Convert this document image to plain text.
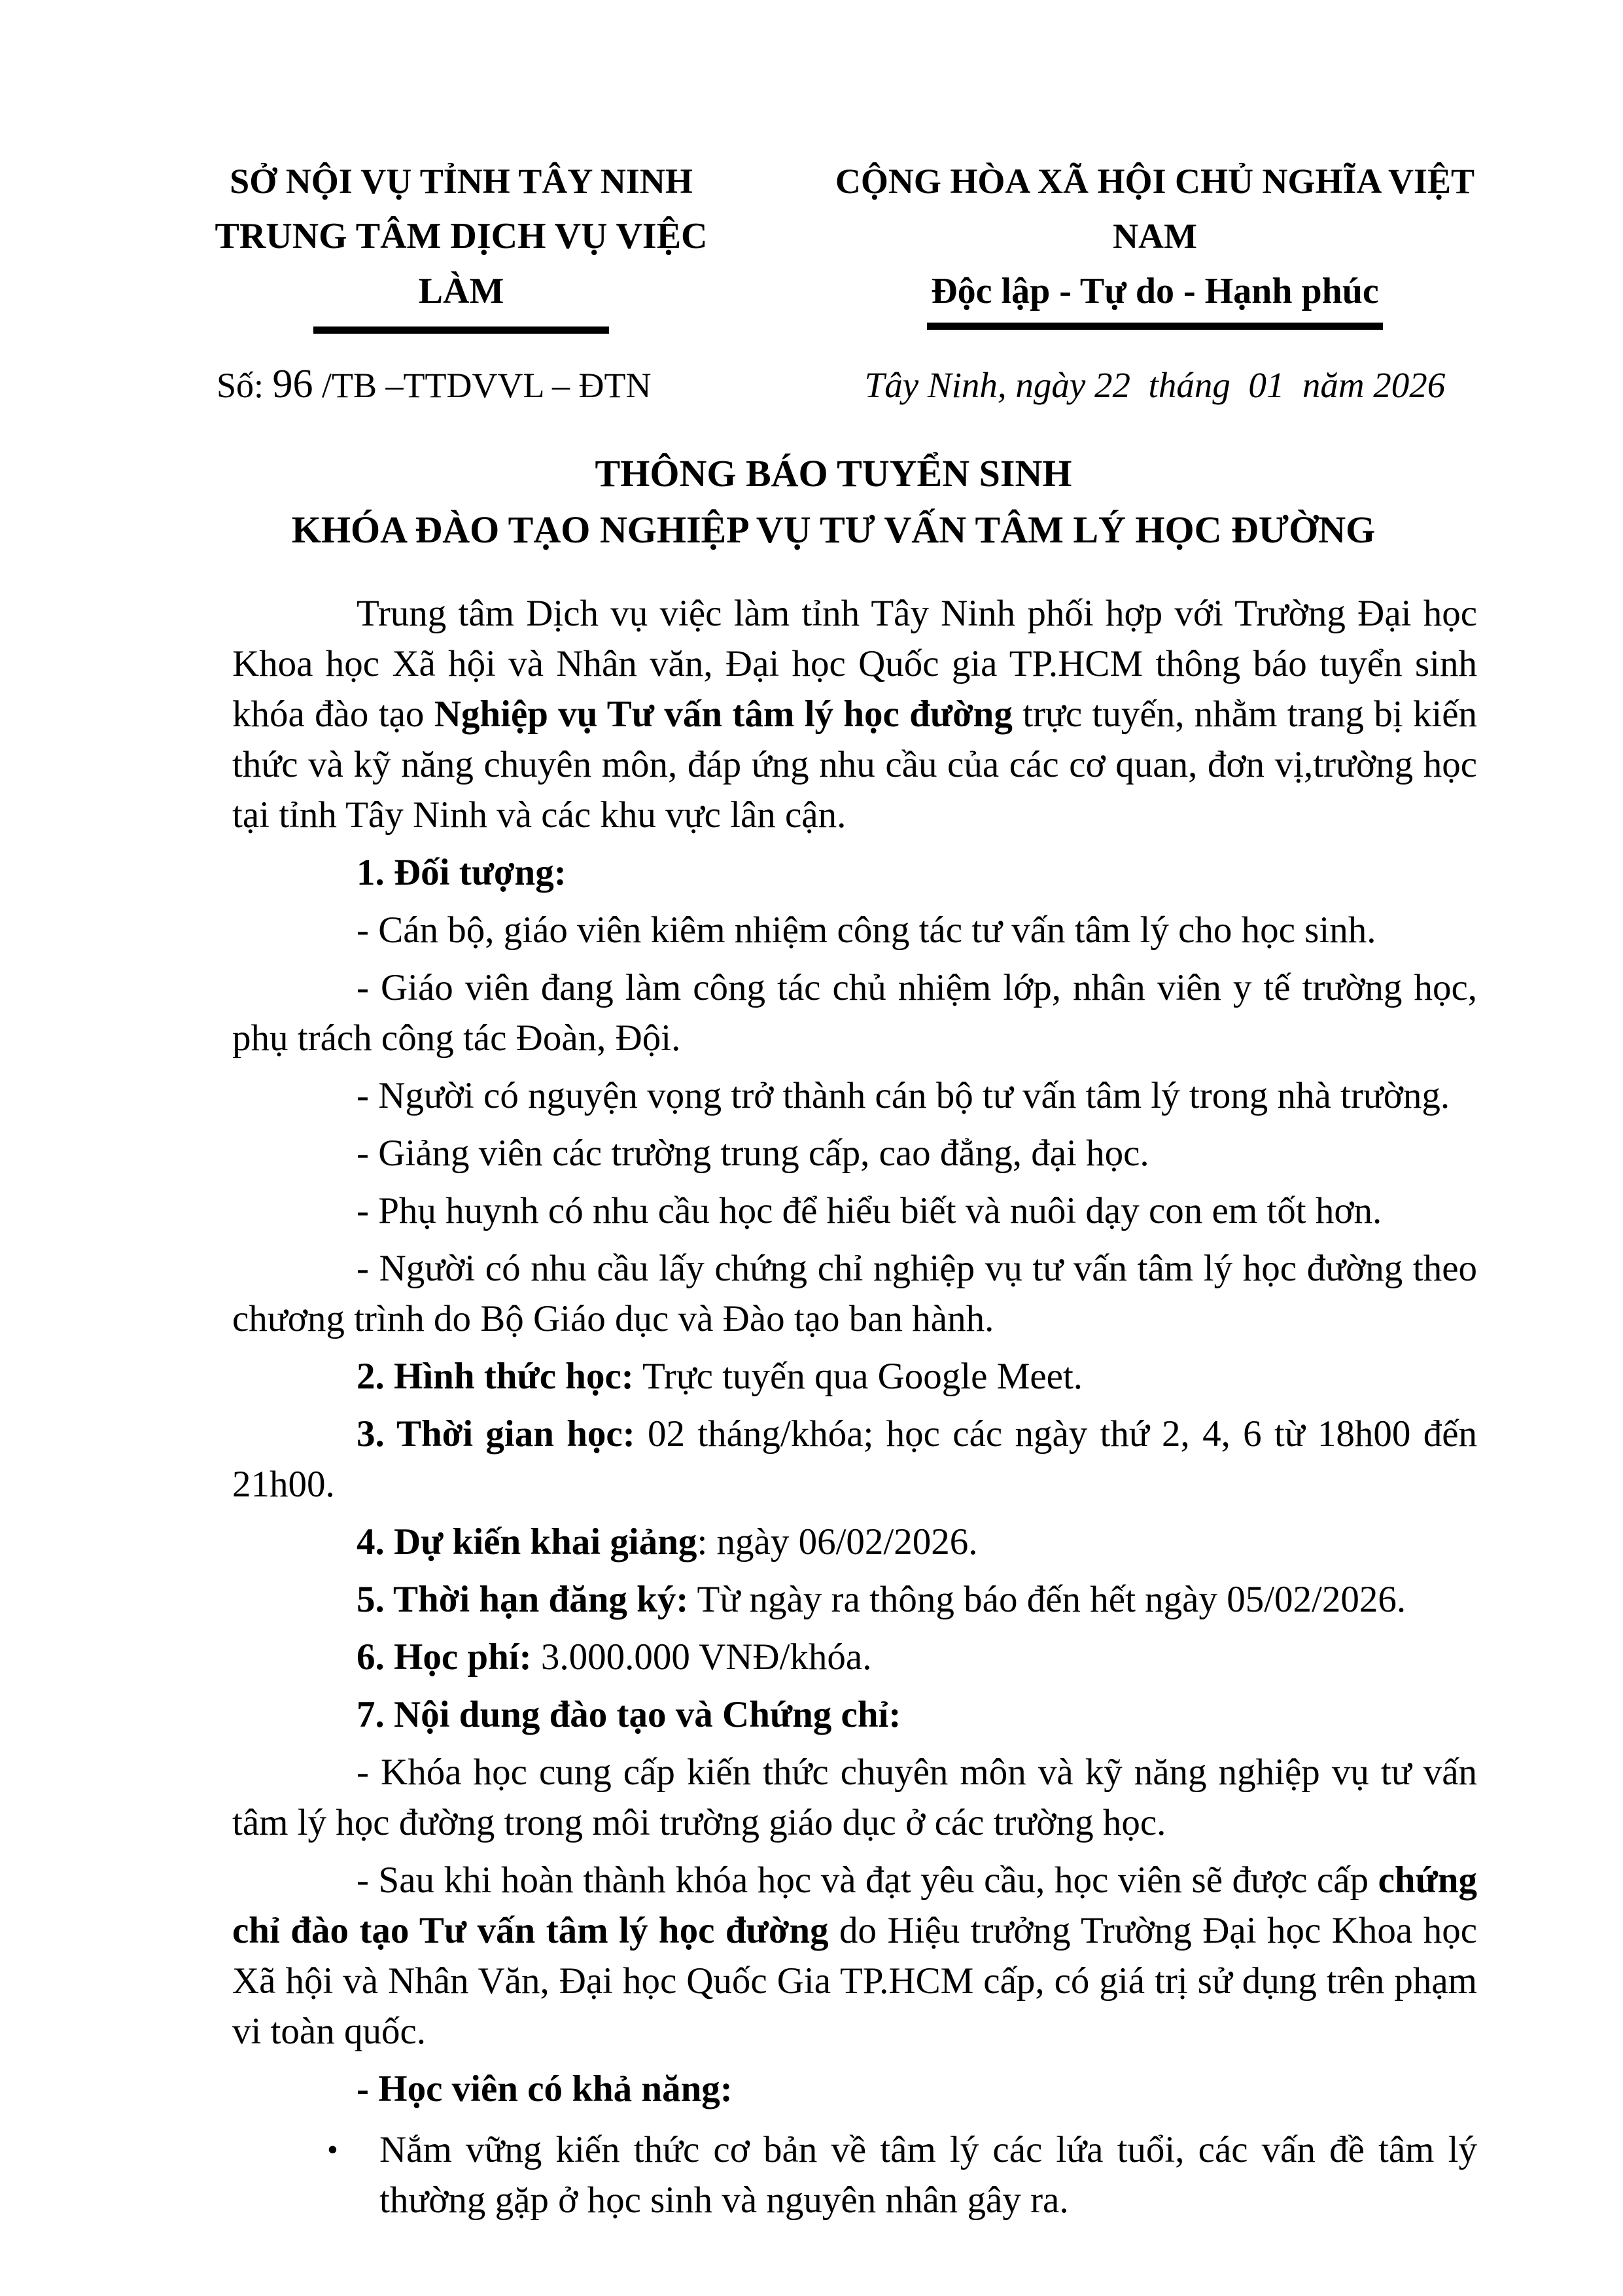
SỞ NỘI VỤ TỈNH TÂY NINH
TRUNG TÂM DỊCH VỤ VIỆC LÀM
CỘNG HÒA XÃ HỘI CHỦ NGHĨA VIỆT NAM
Độc lập - Tự do - Hạnh phúc
Số: 96 /TB –TTDVVL – ĐTN	Tây Ninh, ngày 22  tháng  01  năm 2026
THÔNG BÁO TUYỂN SINH
KHÓA ĐÀO TẠO NGHIỆP VỤ TƯ VẤN TÂM LÝ HỌC ĐƯỜNG

Trung tâm Dịch vụ việc làm tỉnh Tây Ninh phối hợp với Trường Đại học Khoa học Xã hội và Nhân văn, Đại học Quốc gia TP.HCM thông báo tuyển sinh khóa đào tạo Nghiệp vụ Tư vấn tâm lý học đường trực tuyến, nhằm trang bị kiến thức và kỹ năng chuyên môn, đáp ứng nhu cầu của các cơ quan, đơn vị,trường học tại tỉnh Tây Ninh và các khu vực lân cận.

1. Đối tượng:

- Cán bộ, giáo viên kiêm nhiệm công tác tư vấn tâm lý cho học sinh.

- Giáo viên đang làm công tác chủ nhiệm lớp, nhân viên y tế trường học, phụ trách công tác Đoàn, Đội.

- Người có nguyện vọng trở thành cán bộ tư vấn tâm lý trong nhà trường.

- Giảng viên các trường trung cấp, cao đẳng, đại học.

- Phụ huynh có nhu cầu học để hiểu biết và nuôi dạy con em tốt hơn.

- Người có nhu cầu lấy chứng chỉ nghiệp vụ tư vấn tâm lý học đường theo chương trình do Bộ Giáo dục và Đào tạo ban hành.

2. Hình thức học: Trực tuyến qua Google Meet.

3. Thời gian học: 02 tháng/khóa; học các ngày thứ 2, 4, 6 từ 18h00 đến 21h00.

4. Dự kiến khai giảng: ngày 06/02/2026.

5. Thời hạn đăng ký: Từ ngày ra thông báo đến hết ngày 05/02/2026.

6. Học phí: 3.000.000 VNĐ/khóa.

7. Nội dung đào tạo và Chứng chỉ:

- Khóa học cung cấp kiến thức chuyên môn và kỹ năng nghiệp vụ tư vấn tâm lý học đường trong môi trường giáo dục ở các trường học.

- Sau khi hoàn thành khóa học và đạt yêu cầu, học viên sẽ được cấp chứng chỉ đào tạo Tư vấn tâm lý học đường do Hiệu trưởng Trường Đại học Khoa học Xã hội và Nhân Văn, Đại học Quốc Gia TP.HCM cấp, có giá trị sử dụng trên phạm vi toàn quốc.

- Học viên có khả năng:

•	Nắm vững kiến thức cơ bản về tâm lý các lứa tuổi, các vấn đề tâm lý thường gặp ở học sinh và nguyên nhân gây ra.
